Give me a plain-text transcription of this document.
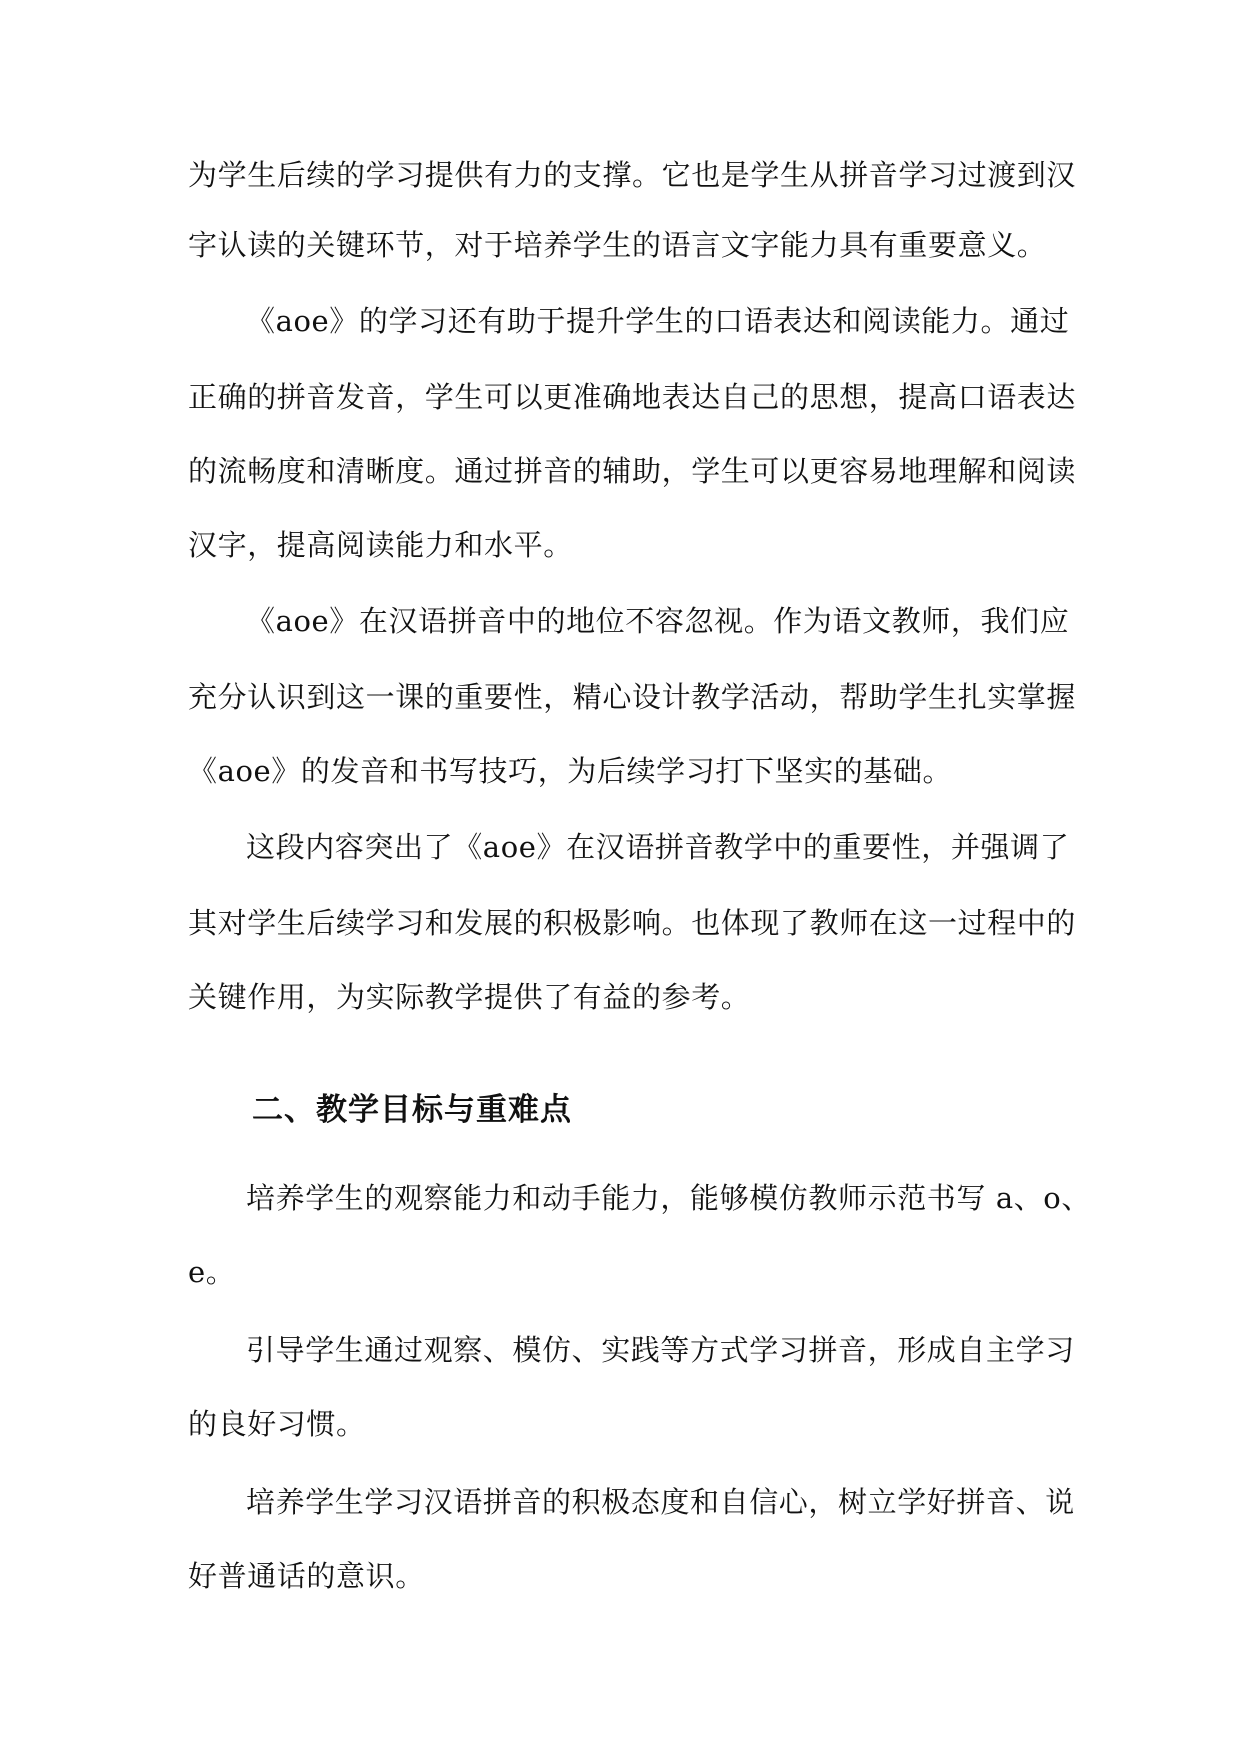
为学生后续的学习提供有力的支撑。它也是学生从拼音学习过渡到汉
字认读的关键环节，对于培养学生的语言文字能力具有重要意义。
《aoe》的学习还有助于提升学生的口语表达和阅读能力。通过
正确的拼音发音，学生可以更准确地表达自己的思想，提高口语表达
的流畅度和清晰度。通过拼音的辅助，学生可以更容易地理解和阅读
汉字，提高阅读能力和水平。
《aoe》在汉语拼音中的地位不容忽视。作为语文教师，我们应
充分认识到这一课的重要性，精心设计教学活动，帮助学生扎实掌握
《aoe》的发音和书写技巧，为后续学习打下坚实的基础。
这段内容突出了《aoe》在汉语拼音教学中的重要性，并强调了
其对学生后续学习和发展的积极影响。也体现了教师在这一过程中的
关键作用，为实际教学提供了有益的参考。
二、教学目标与重难点
培养学生的观察能力和动手能力，能够模仿教师示范书写 a、o、
e。
引导学生通过观察、模仿、实践等方式学习拼音，形成自主学习
的良好习惯。
培养学生学习汉语拼音的积极态度和自信心，树立学好拼音、说
好普通话的意识。
